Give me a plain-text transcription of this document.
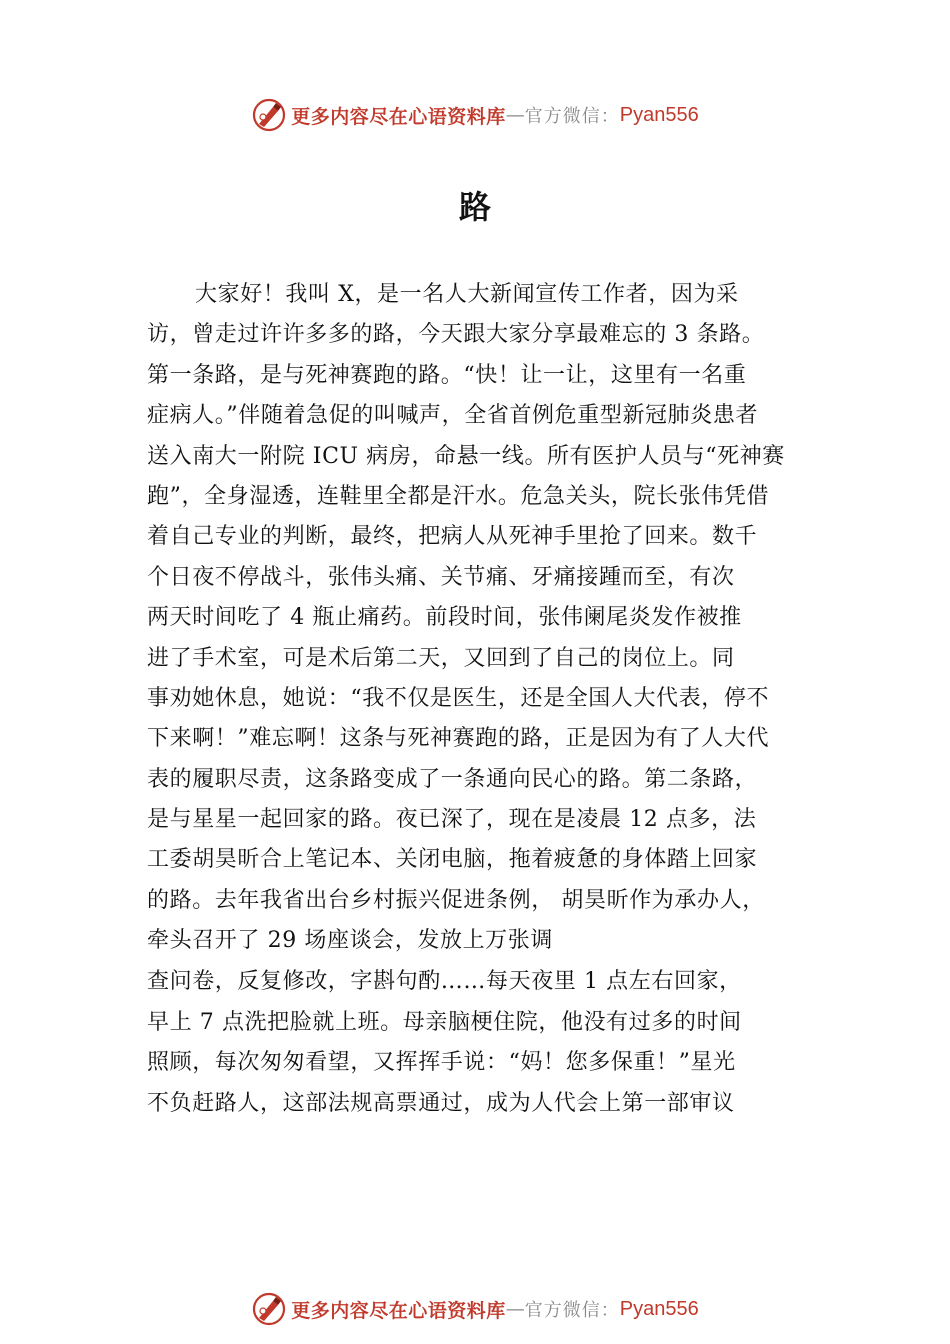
更多内容尽在心语资料库 — 官方微信： Pyan556
路
大家好！我叫 X，是一名人大新闻宣传工作者，因为采
访，曾走过许许多多的路，今天跟大家分享最难忘的 3 条路。
第一条路，是与死神赛跑的路。“快！让一让，这里有一名重
症病人。”伴随着急促的叫喊声，全省首例危重型新冠肺炎患者
送入南大一附院 ICU 病房，命悬一线。所有医护人员与“死神赛
跑”，全身湿透，连鞋里全都是汗水。危急关头，院长张伟凭借
着自己专业的判断，最终，把病人从死神手里抢了回来。数千
个日夜不停战斗，张伟头痛、关节痛、牙痛接踵而至，有次
两天时间吃了 4 瓶止痛药。前段时间，张伟阑尾炎发作被推
进了手术室，可是术后第二天，又回到了自己的岗位上。同
事劝她休息，她说：“我不仅是医生，还是全国人大代表，停不
下来啊！”难忘啊！这条与死神赛跑的路，正是因为有了人大代
表的履职尽责，这条路变成了一条通向民心的路。第二条路，
是与星星一起回家的路。夜已深了，现在是凌晨 12 点多，法
工委胡昊昕合上笔记本、关闭电脑，拖着疲惫的身体踏上回家
的路。去年我省出台乡村振兴促进条例， 胡昊昕作为承办人，
牵头召开了 29 场座谈会，发放上万张调
查问卷，反复修改，字斟句酌……每天夜里 1 点左右回家，
早上 7 点洗把脸就上班。母亲脑梗住院，他没有过多的时间
照顾，每次匆匆看望，又挥挥手说：“妈！您多保重！”星光
不负赶路人，这部法规高票通过，成为人代会上第一部审议
更多内容尽在心语资料库 — 官方微信： Pyan556
